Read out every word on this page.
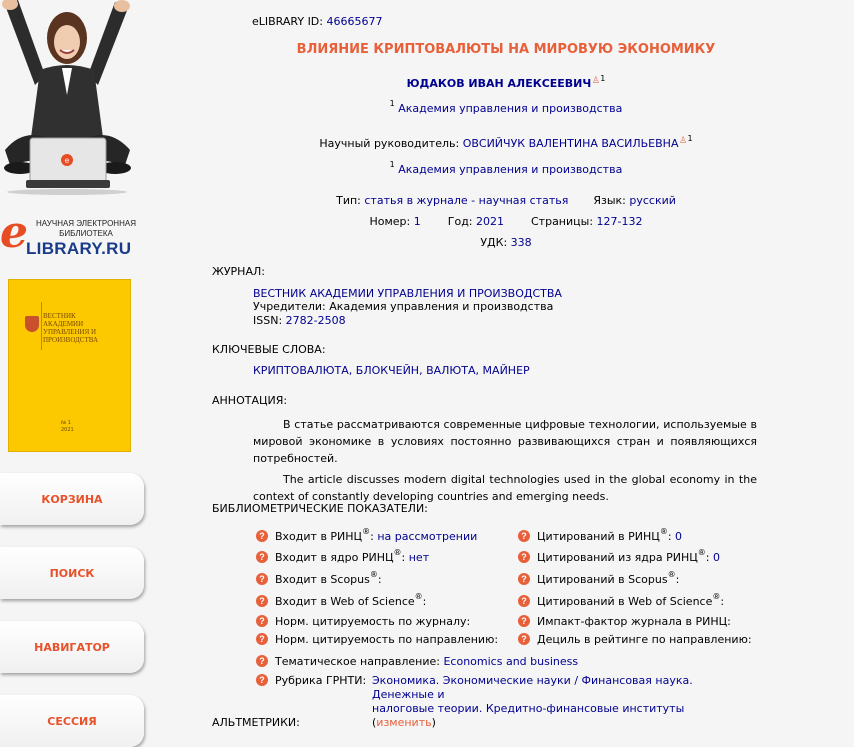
e
e	НАУЧНАЯ ЭЛЕКТРОННАЯ БИБЛИОТЕКА
LIBRARY.RU
ВЕСТНИК АКАДЕМИИ УПРАВЛЕНИЯ И ПРОИЗВОДСТВА
№ 1
2021
КОРЗИНА
ПОИСК
НАВИГАТОР
СЕССИЯ
eLIBRARY ID: 46665677
ВЛИЯНИЕ КРИПТОВАЛЮТЫ НА МИРОВУЮ ЭКОНОМИКУ
ЮДАКОВ ИВАН АЛЕКСЕЕВИЧ♙$^1$
$^1$ Академия управления и производства
Научный руководитель: ОВСИЙЧУК ВАЛЕНТИНА ВАСИЛЬЕВНА♙$^1$
$^1$ Академия управления и производства
Тип: статья в журнале - научная статья Язык: русский
Номер: 1 Год: 2021 Страницы: 127-132
УДК: 338
ЖУРНАЛ:
ВЕСТНИК АКАДЕМИИ УПРАВЛЕНИЯ И ПРОИЗВОДСТВА
Учредители: Академия управления и производства
ISSN: 2782-2508
КЛЮЧЕВЫЕ СЛОВА:
КРИПТОВАЛЮТА, БЛОКЧЕЙН, ВАЛЮТА, МАЙНЕР
АННОТАЦИЯ:

В статье рассматриваются современные цифровые технологии, используемые в мировой экономике в условиях постоянно развивающихся стран и появляющихся потребностей.

The article discusses modern digital technologies used in the global economy in the context of constantly developing countries and emerging needs.

БИБЛИОМЕТРИЧЕСКИЕ ПОКАЗАТЕЛИ:
? Рубрика ГРНТИ: Экономика. Экономические науки / Финансовая наука. Денежные и
налоговые теории. Кредитно-финансовые институты (изменить)
АЛЬТМЕТРИКИ:
? Входит в РИНЦ®: на рассмотрении
? Входит в ядро РИНЦ®: нет
? Входит в Scopus®:
? Входит в Web of Science®:
? Норм. цитируемость по журналу:
? Норм. цитируемость по направлению:
? Тематическое направление: Economics and business
? Цитирований в РИНЦ®: 0
? Цитирований из ядра РИНЦ®: 0
? Цитирований в Scopus®:
? Цитирований в Web of Science®:
? Импакт-фактор журнала в РИНЦ:
? Дециль в рейтинге по направлению:
